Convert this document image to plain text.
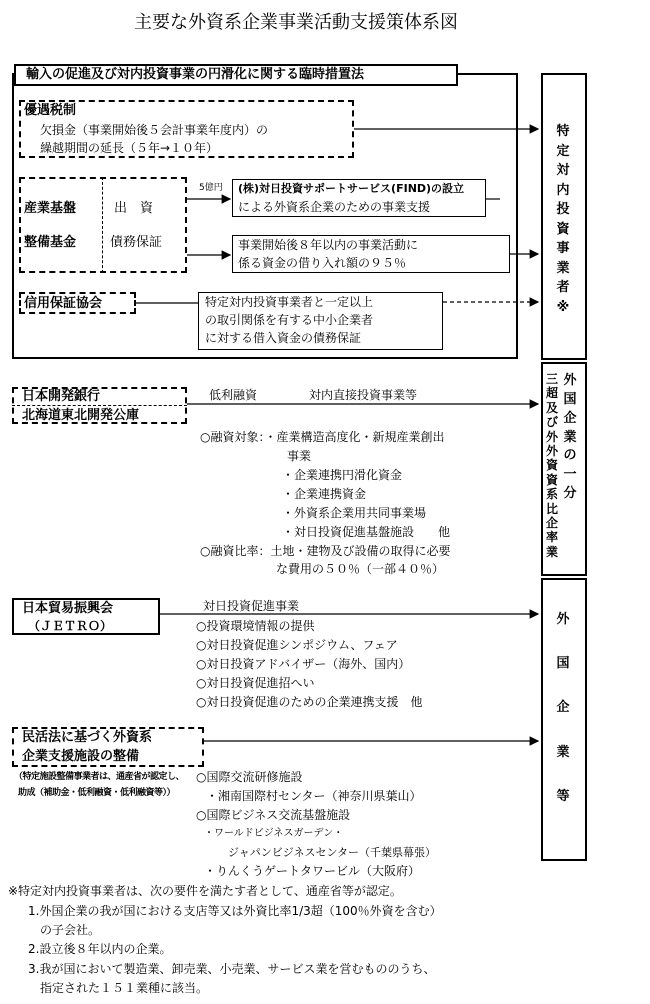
主要な外資系企業事業活動支援策体系図
輸入の促進及び対内投資事業の円滑化に関する臨時措置法
優遇税制
欠損金（事業開始後５会計事業年度内）の
繰越期間の延長（５年→１０年）
産業基盤
整備基金
出　資
債務保証
5億円 (株)対日投資サポートサービス(FIND)の設立
による外資系企業のための事業支援
事業開始後８年以内の事業活動に
係る資金の借り入れ額の９５％
信用保証協会	特定対内投資事業者と一定以上
の取引関係を有する中小企業者
に対する借入資金の債務保証
特定対内投資事業者※
外国企業の一分
三超及び外外資資系比企率業
外国企業等
日本開発銀行
北海道東北開発公庫
低利融資	対内直接投資事業等
○融資対象：・産業構造高度化・新規産業創出
事業
・企業連携円滑化資金
・企業連携資金
・外資系企業用共同事業場
・対日投資促進基盤施設　　他
○融資比率：土地・建物及び設備の取得に必要
な費用の５０％（一部４０％）
日本貿易振興会
（ＪＥＴＲＯ）
対日投資促進事業
○投資環境情報の提供
○対日投資促進シンポジウム、フェア
○対日投資アドバイザー（海外、国内）
○対日投資促進招へい
○対日投資促進のための企業連携支援　他
民活法に基づく外資系
企業支援施設の整備
（特定施設整備事業者は、通産省が認定し、
助成（補助金・低利融資・低利融資等））
○国際交流研修施設
・湘南国際村センター（神奈川県葉山）
○国際ビジネス交流基盤施設
・ワールドビジネスガーデン・
ジャパンビジネスセンター（千葉県幕張）
・りんくうゲートタワービル（大阪府）
※特定対内投資事業者は、次の要件を満たす者として、通産省等が認定。
1.外国企業の我が国における支店等又は外資比率1/3超（100％外資を含む）
の子会社。
2.設立後８年以内の企業。
3.我が国において製造業、卸売業、小売業、サービス業を営むもののうち、
指定された１５１業種に該当。
